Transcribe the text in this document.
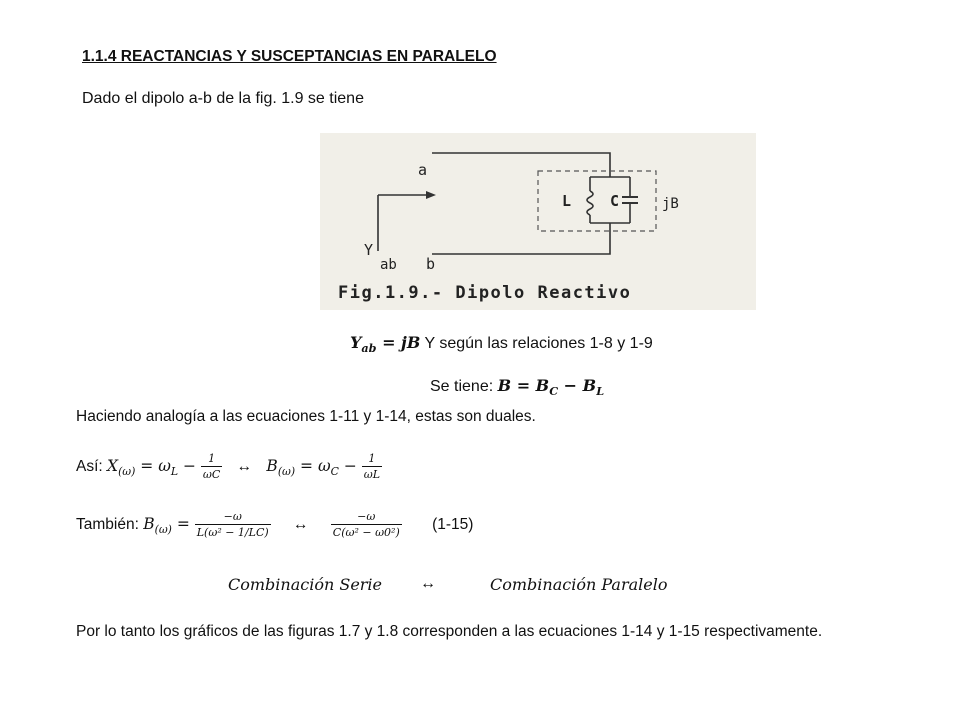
1.1.4 REACTANCIAS Y SUSCEPTANCIAS EN PARALELO
Dado el dipolo a-b de la fig. 1.9 se tiene
a
b
Y
ab
L	C	jB
Fig.1.9.- Dipolo Reactivo
$Y_{ab}$ = jB Y según las relaciones 1-8 y 1-9
Se tiene: $B = B_C - B_L$
Haciendo analogía a las ecuaciones 1-11 y 1-14, estas son duales.
Así: $X_{(\omega)} = \omega_L - \frac{1}{\omega C}$ ↔ $B_{(\omega)} = \omega_C - \frac{1}{\omega L}$
También: $B_{(\omega)} = \frac{-\omega}{\text{L(ω² − 1/LC)}}$ ↔ $\frac{-\omega}{\text{C(ω² − ω0²)}} (1-15)$
Combinación Serie ↔	Combinación Paralelo
Por lo tanto los gráficos de las figuras 1.7 y 1.8 corresponden a las ecuaciones 1-14 y 1-15 respectivamente.
